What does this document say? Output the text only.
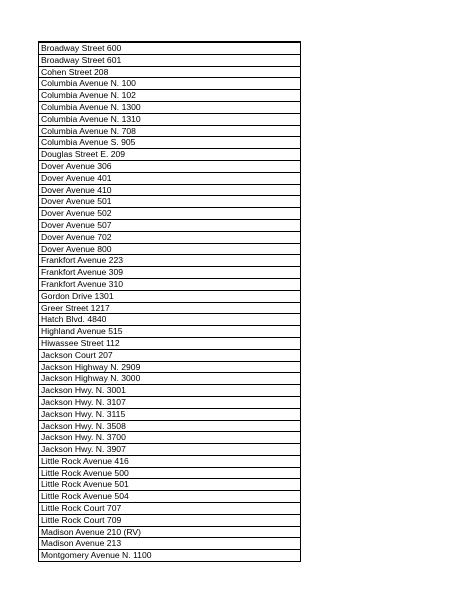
Broadway Street 600
Broadway Street 601
Cohen Street 208
Columbia Avenue N. 100
Columbia Avenue N. 102
Columbia Avenue N. 1300
Columbia Avenue N. 1310
Columbia Avenue N. 708
Columbia Avenue S. 905
Douglas Street E. 209
Dover Avenue 306
Dover Avenue 401
Dover Avenue 410
Dover Avenue 501
Dover Avenue 502
Dover Avenue 507
Dover Avenue 702
Dover Avenue 800
Frankfort Avenue 223
Frankfort Avenue 309
Frankfort Avenue 310
Gordon Drive 1301
Greer Street 1217
Hatch Blvd. 4840
Highland Avenue 515
Hiwassee Street 112
Jackson Court 207
Jackson Highway N. 2909
Jackson Highway N. 3000
Jackson Hwy. N. 3001
Jackson Hwy. N. 3107
Jackson Hwy. N. 3115
Jackson Hwy. N. 3508
Jackson Hwy. N. 3700
Jackson Hwy. N. 3907
Little Rock Avenue 416
Little Rock Avenue 500
Little Rock Avenue 501
Little Rock Avenue 504
Little Rock Court 707
Little Rock Court 709
Madison Avenue 210 (RV)
Madison Avenue 213
Montgomery Avenue N. 1100
